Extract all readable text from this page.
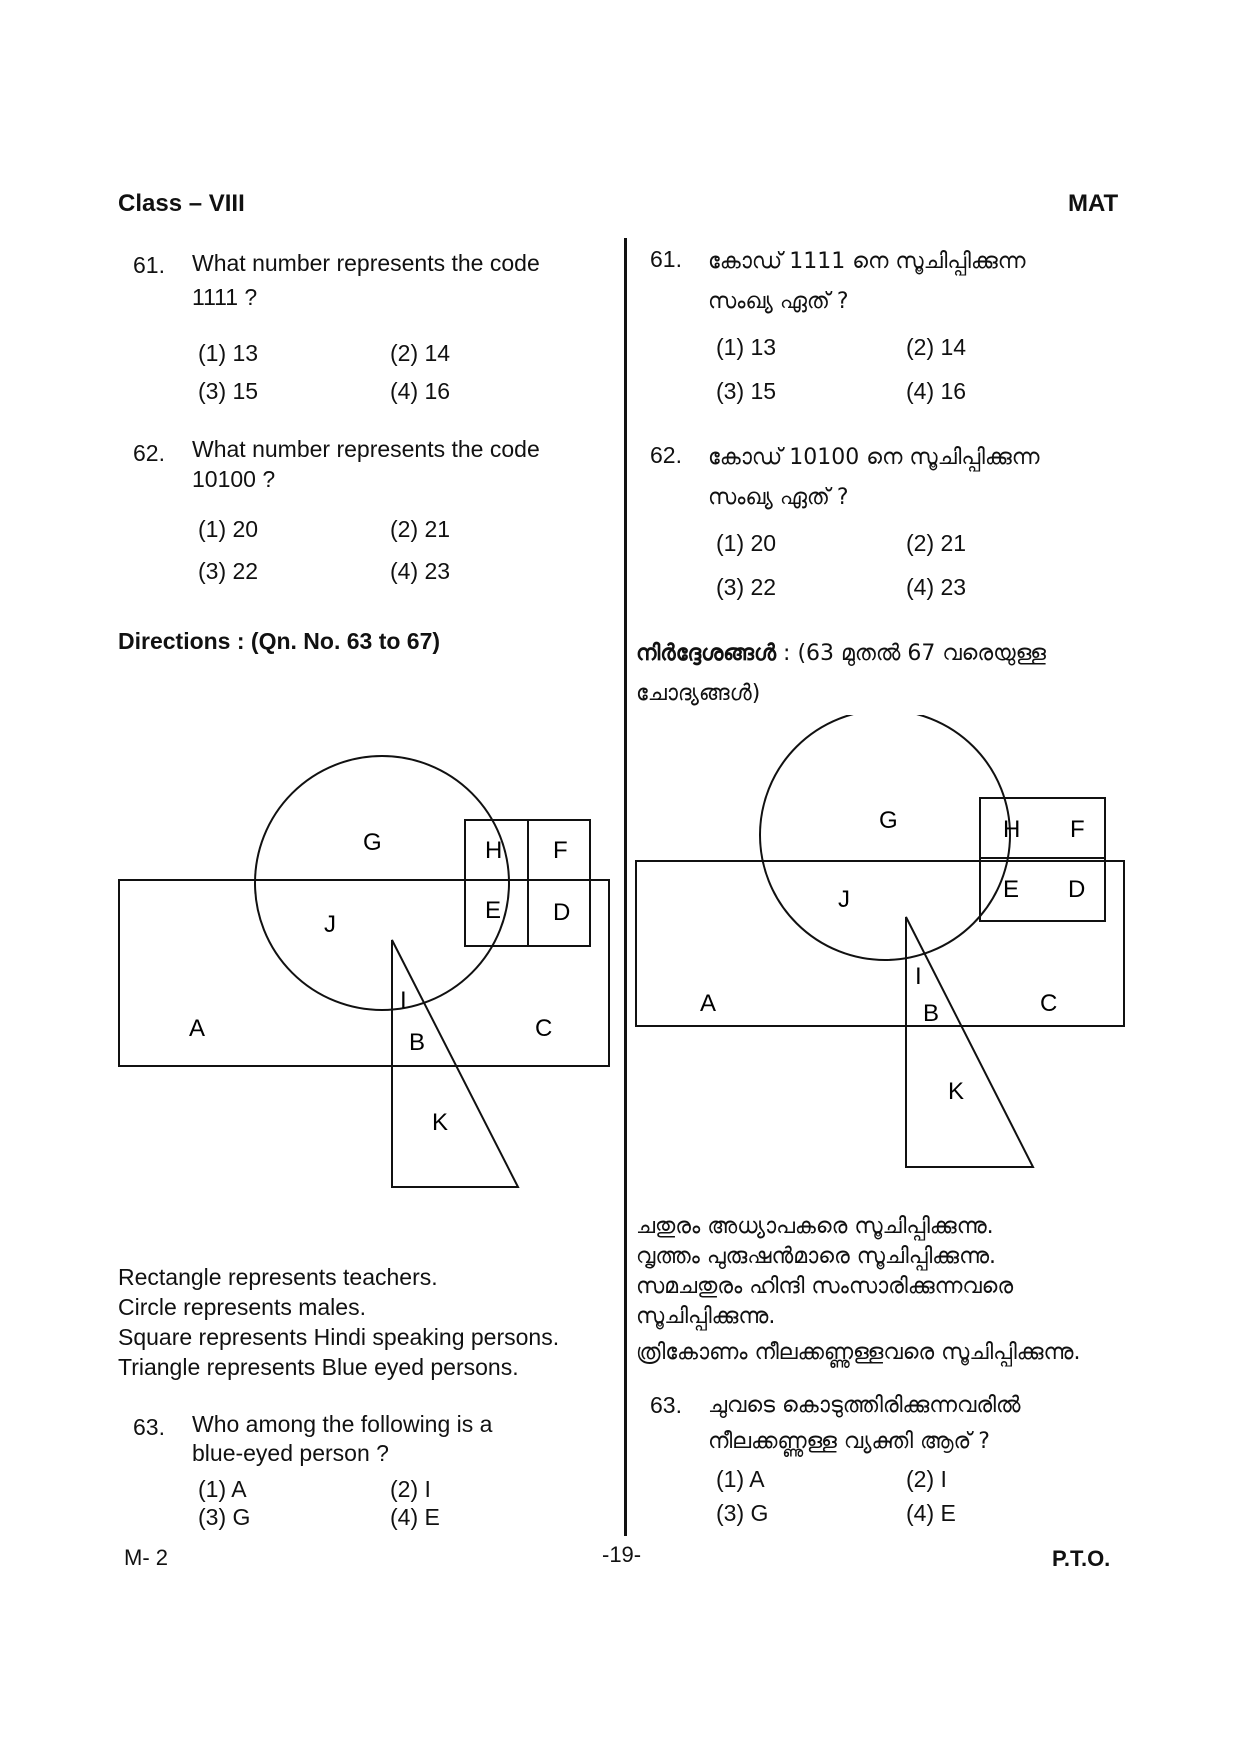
Class – VIII	MAT
61. What number represents the code
1111 ?
(1) 13	(2) 14
(3) 15	(4) 16
62. What number represents the code
10100 ?
(1) 20	(2) 21
(3) 22	(4) 23
Directions : (Qn. No. 63 to 67)
G	H F
E D
J
I
A
B
C
K
Rectangle represents teachers.
Circle represents males.
Square represents Hindi speaking persons.
Triangle represents Blue eyed persons.
63. Who among the following is a
blue-eyed person ?
(1) A	(2) I
(3) G	(4) E
61. കോഡ് 1111 നെ സൂചിപ്പിക്കുന്ന
സംഖ്യ ഏത് ?
(1) 13	(2) 14
(3) 15	(4) 16
62. കോഡ് 10100 നെ സൂചിപ്പിക്കുന്ന
സംഖ്യ ഏത് ?
(1) 20	(2) 21
(3) 22	(4) 23
നിർദ്ദേശങ്ങൾ : (63 മുതൽ 67 വരെയുള്ള
ചോദ്യങ്ങൾ)
G	H F
E D
J
I
A	B	C
K
ചതുരം അധ്യാപകരെ സൂചിപ്പിക്കുന്നു.
വൃത്തം പുരുഷൻമാരെ സൂചിപ്പിക്കുന്നു.
സമചതുരം ഹിന്ദി സംസാരിക്കുന്നവരെ
സൂചിപ്പിക്കുന്നു.
ത്രികോണം നീലക്കണ്ണുള്ളവരെ സൂചിപ്പിക്കുന്നു.
63. ചുവടെ കൊടുത്തിരിക്കുന്നവരിൽ
നീലക്കണ്ണുള്ള വ്യക്തി ആര് ?
(1) A	(2) I
(3) G	(4) E
M- 2	-19-	P.T.O.
